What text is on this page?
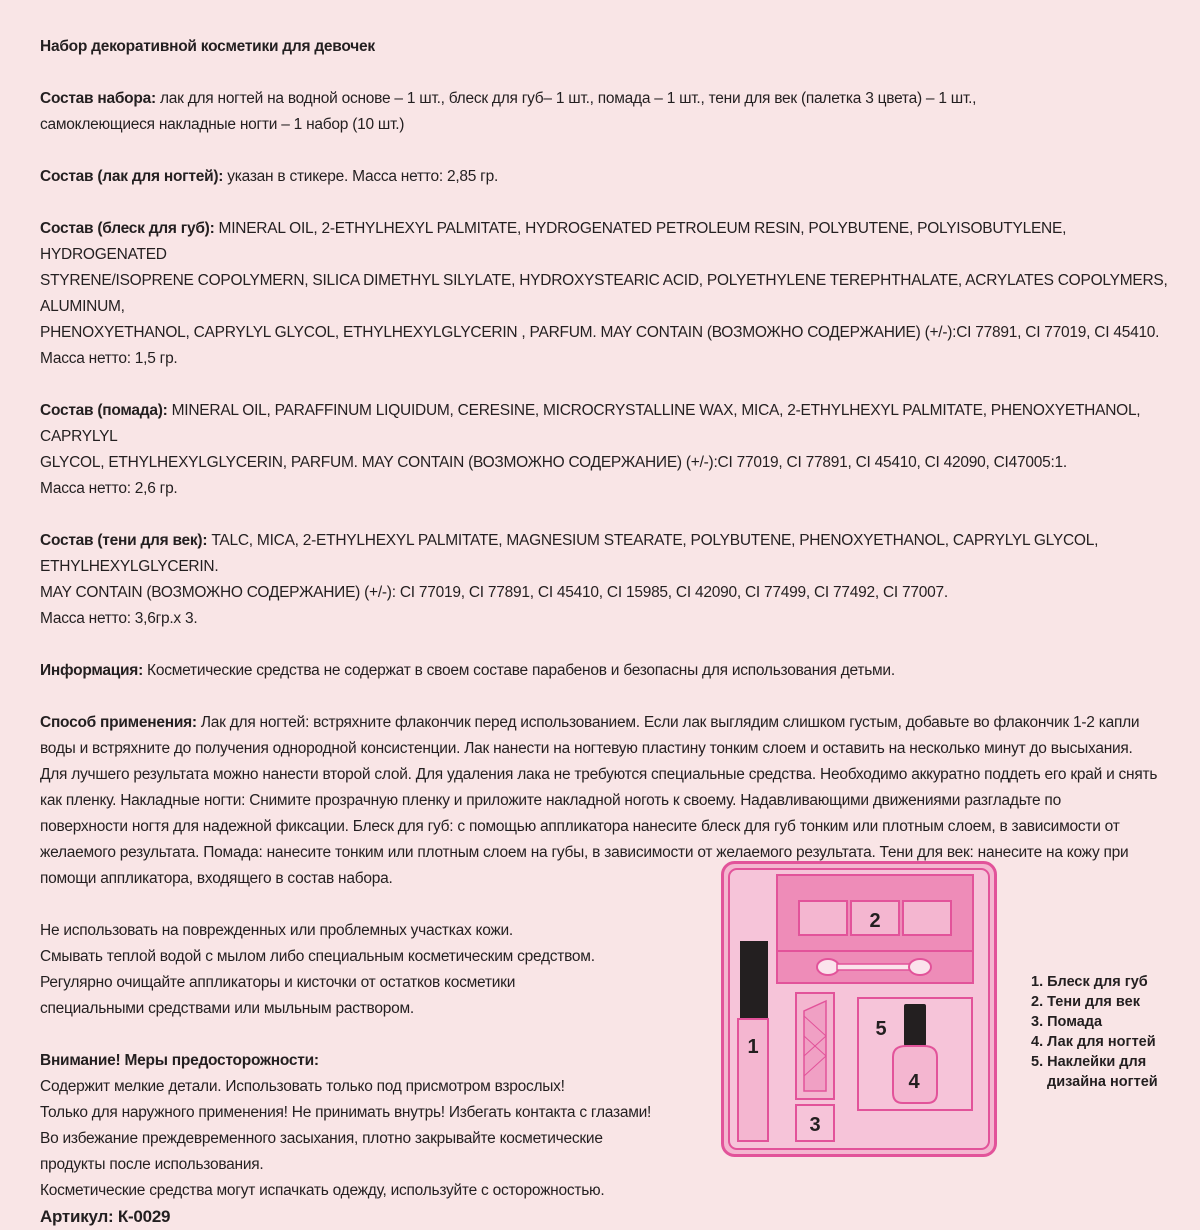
Набор декоративной косметики для девочек

Состав набора: лак для ногтей на водной основе – 1 шт., блеск для губ– 1 шт., помада – 1 шт., тени для век (палетка 3 цвета) – 1 шт.,

самоклеющиеся накладные ногти – 1 набор (10 шт.)

Состав (лак для ногтей): указан в стикере. Масса нетто: 2,85 гр.

Состав (блеск для губ): MINERAL OIL, 2-ETHYLHEXYL PALMITATE, HYDROGENATED PETROLEUM RESIN, POLYBUTENE, POLYISOBUTYLENE, HYDROGENATED

STYRENE/ISOPRENE COPOLYMERN, SILICA DIMETHYL SILYLATE, HYDROXYSTEARIC ACID, POLYETHYLENE TEREPHTHALATE, ACRYLATES COPOLYMERS, ALUMINUM,

PHENOXYETHANOL, CAPRYLYL GLYCOL, ETHYLHEXYLGLYCERIN , PARFUM. MAY CONTAIN (ВОЗМОЖНО СОДЕРЖАНИЕ) (+/-):CI 77891, CI 77019, CI 45410.

Масса нетто: 1,5 гр.

Состав (помада): MINERAL OIL, PARAFFINUM LIQUIDUM, CERESINE, MICROCRYSTALLINE WAX, MICA, 2-ETHYLHEXYL PALMITATE, PHENOXYETHANOL, CAPRYLYL

GLYCOL, ETHYLHEXYLGLYCERIN, PARFUM. MAY CONTAIN (ВОЗМОЖНО СОДЕРЖАНИЕ) (+/-):CI 77019, CI 77891, CI 45410, CI 42090, CI47005:1.

Масса нетто: 2,6 гр.

Состав (тени для век): TALC, MICA, 2-ETHYLHEXYL PALMITATE, MAGNESIUM STEARATE, POLYBUTENE, PHENOXYETHANOL, CAPRYLYL GLYCOL, ETHYLHEXYLGLYCERIN.

MAY CONTAIN (ВОЗМОЖНО СОДЕРЖАНИЕ) (+/-): CI 77019, CI 77891, CI 45410, CI 15985, CI 42090, CI 77499, CI 77492, CI 77007.

Масса нетто: 3,6гр.х 3.

Информация: Косметические средства не содержат в своем составе парабенов и безопасны для использования детьми.

Способ применения: Лак для ногтей: встряхните флакончик перед использованием. Если лак выглядим слишком густым, добавьте во флакончик 1-2 капли

воды и встряхните до получения однородной консистенции. Лак нанести на ногтевую пластину тонким слоем и оставить на несколько минут до высыхания.

Для лучшего результата можно нанести второй слой. Для удаления лака не требуются специальные средства. Необходимо аккуратно поддеть его край и снять

как пленку. Накладные ногти: Снимите прозрачную пленку и приложите накладной ноготь к своему. Надавливающими движениями разгладьте по

поверхности ногтя для надежной фиксации. Блеск для губ: с помощью аппликатора нанесите блеск для губ тонким или плотным слоем, в зависимости от

желаемого результата. Помада: нанесите тонким или плотным слоем на губы, в зависимости от желаемого результата. Тени для век: нанесите на кожу при

помощи аппликатора, входящего в состав набора.

Не использовать на поврежденных или проблемных участках кожи.

Смывать теплой водой с мылом либо специальным косметическим средством.

Регулярно очищайте аппликаторы и кисточки от остатков косметики

специальными средствами или мыльным раствором.

Внимание! Меры предосторожности:

Содержит мелкие детали. Использовать только под присмотром взрослых!

Только для наружного применения! Не принимать внутрь! Избегать контакта с глазами!

Во избежание преждевременного засыхания, плотно закрывайте косметические

продукты после использования.

Косметические средства могут испачкать одежду, используйте с осторожностью.

Артикул: К-0029

2
1
3
5
4
1. Блеск для губ
2. Тени для век
3. Помада
4. Лак для ногтей
5. Наклейки для
дизайна ногтей
